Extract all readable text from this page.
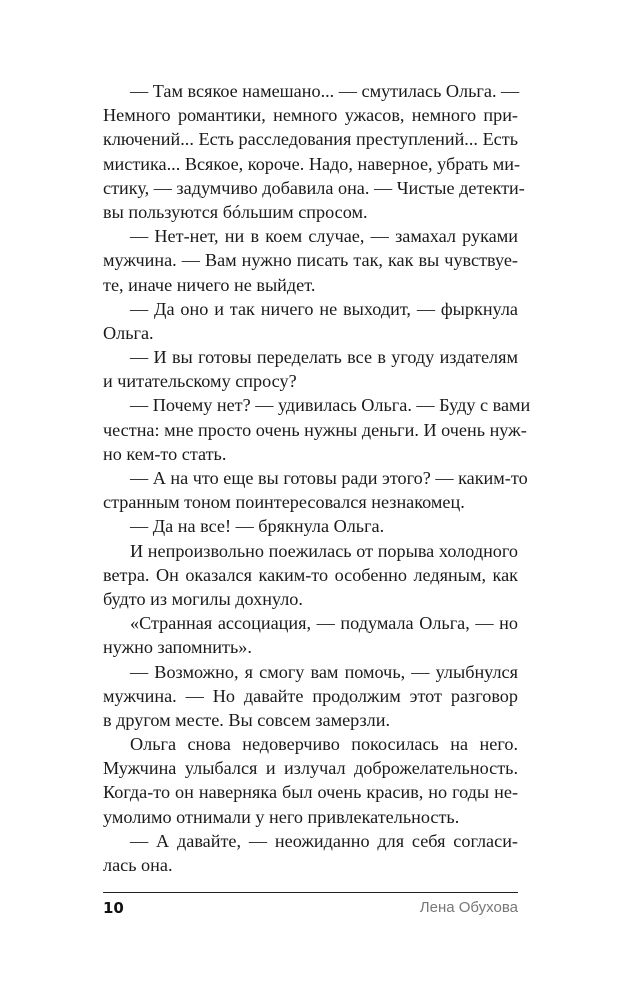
— Там всякое намешано... — смутилась Ольга. —
Немного романтики, немного ужасов, немного при-
ключений... Есть расследования преступлений... Есть
мистика... Всякое, короче. Надо, наверное, убрать ми-
стику, — задумчиво добавила она. — Чистые детекти-
вы пользуются бóльшим спросом.
— Нет-нет, ни в коем случае, — замахал руками
мужчина. — Вам нужно писать так, как вы чувствуе-
те, иначе ничего не выйдет.
— Да оно и так ничего не выходит, — фыркнула
Ольга.
— И вы готовы переделать все в угоду издателям
и читательскому спросу?
— Почему нет? — удивилась Ольга. — Буду с вами
честна: мне просто очень нужны деньги. И очень нуж-
но кем-то стать.
— А на что еще вы готовы ради этого? — каким-то
странным тоном поинтересовался незнакомец.
— Да на все! — брякнула Ольга.
И непроизвольно поежилась от порыва холодного
ветра. Он оказался каким-то особенно ледяным, как
будто из могилы дохнуло.
«Странная ассоциация, — подумала Ольга, — но
нужно запомнить».
— Возможно, я смогу вам помочь, — улыбнулся
мужчина. — Но давайте продолжим этот разговор
в другом месте. Вы совсем замерзли.
Ольга снова недоверчиво покосилась на него.
Мужчина улыбался и излучал доброжелательность.
Когда-то он наверняка был очень красив, но годы не-
умолимо отнимали у него привлекательность.
— А давайте, — неожиданно для себя согласи-
лась она.
10	Лена Обухова
